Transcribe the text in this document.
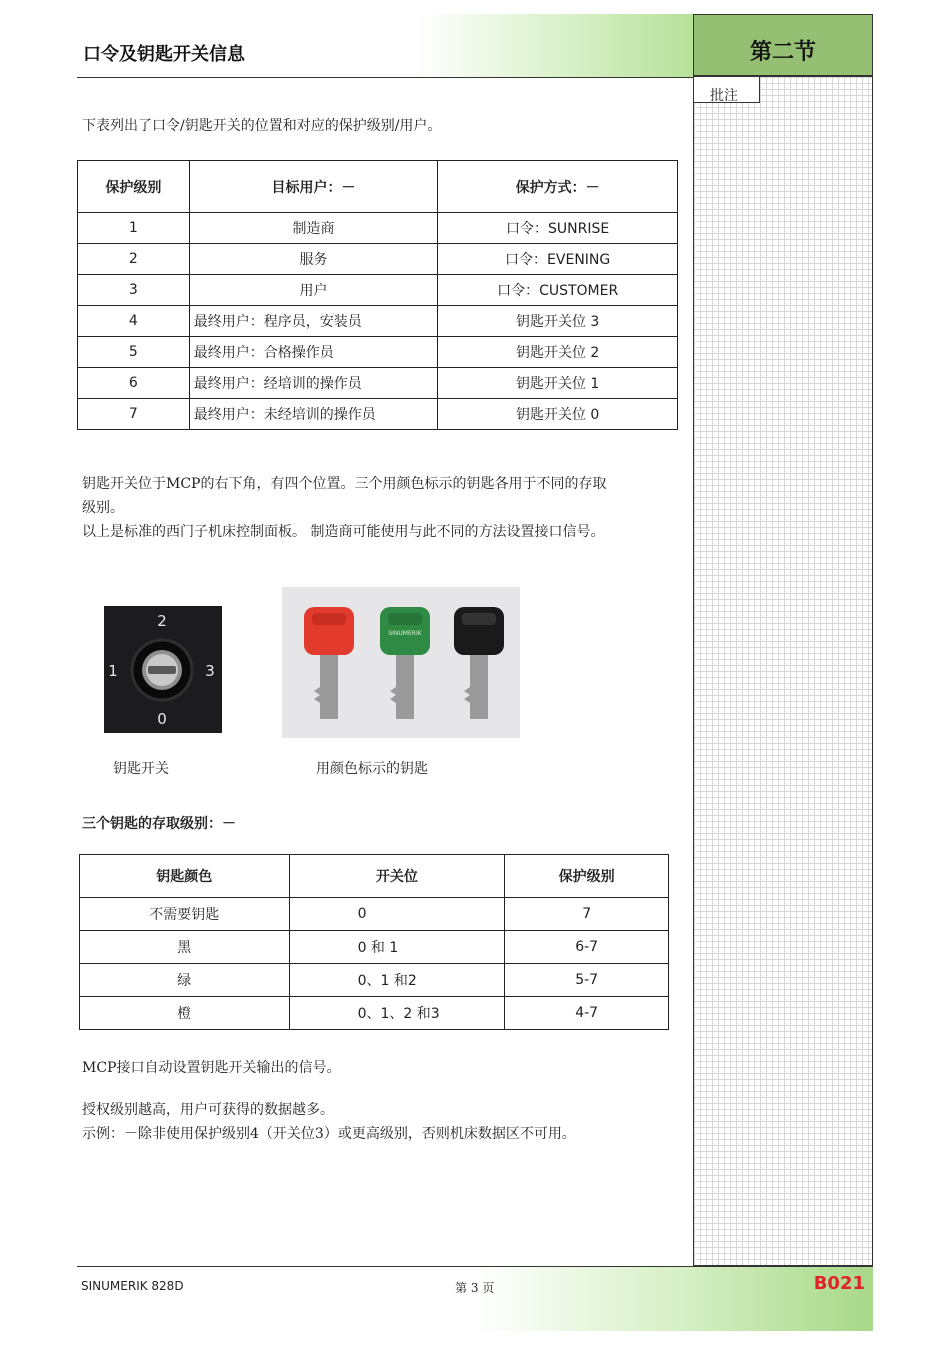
口令及钥匙开关信息	第二节
批注
下表列出了口令/钥匙开关的位置和对应的保护级别/用户。
保护级别	目标用户：－	保护方式：－
1	制造商	口令：SUNRISE
2	服务	口令：EVENING
3	用户	口令：CUSTOMER
4	最终用户：程序员，安装员	钥匙开关位 3
5	最终用户：合格操作员	钥匙开关位 2
6	最终用户：经培训的操作员	钥匙开关位 1
7	最终用户：未经培训的操作员	钥匙开关位 0
钥匙开关位于MCP的右下角，有四个位置。三个用颜色标示的钥匙各用于不同的存取
级别。
以上是标准的西门子机床控制面板。 制造商可能使用与此不同的方法设置接口信号。
2
1	3
0
SINUMERIK
钥匙开关	用颜色标示的钥匙
三个钥匙的存取级别：－
钥匙颜色	开关位	保护级别
不需要钥匙	0	7
黑	0 和 1	6-7
绿	0、1 和2	5-7
橙	0、1、2 和3	4-7
MCP接口自动设置钥匙开关输出的信号。
授权级别越高，用户可获得的数据越多。
示例：－除非使用保护级别4（开关位3）或更高级别，否则机床数据区不可用。
SINUMERIK 828D	第 3 页	B021
